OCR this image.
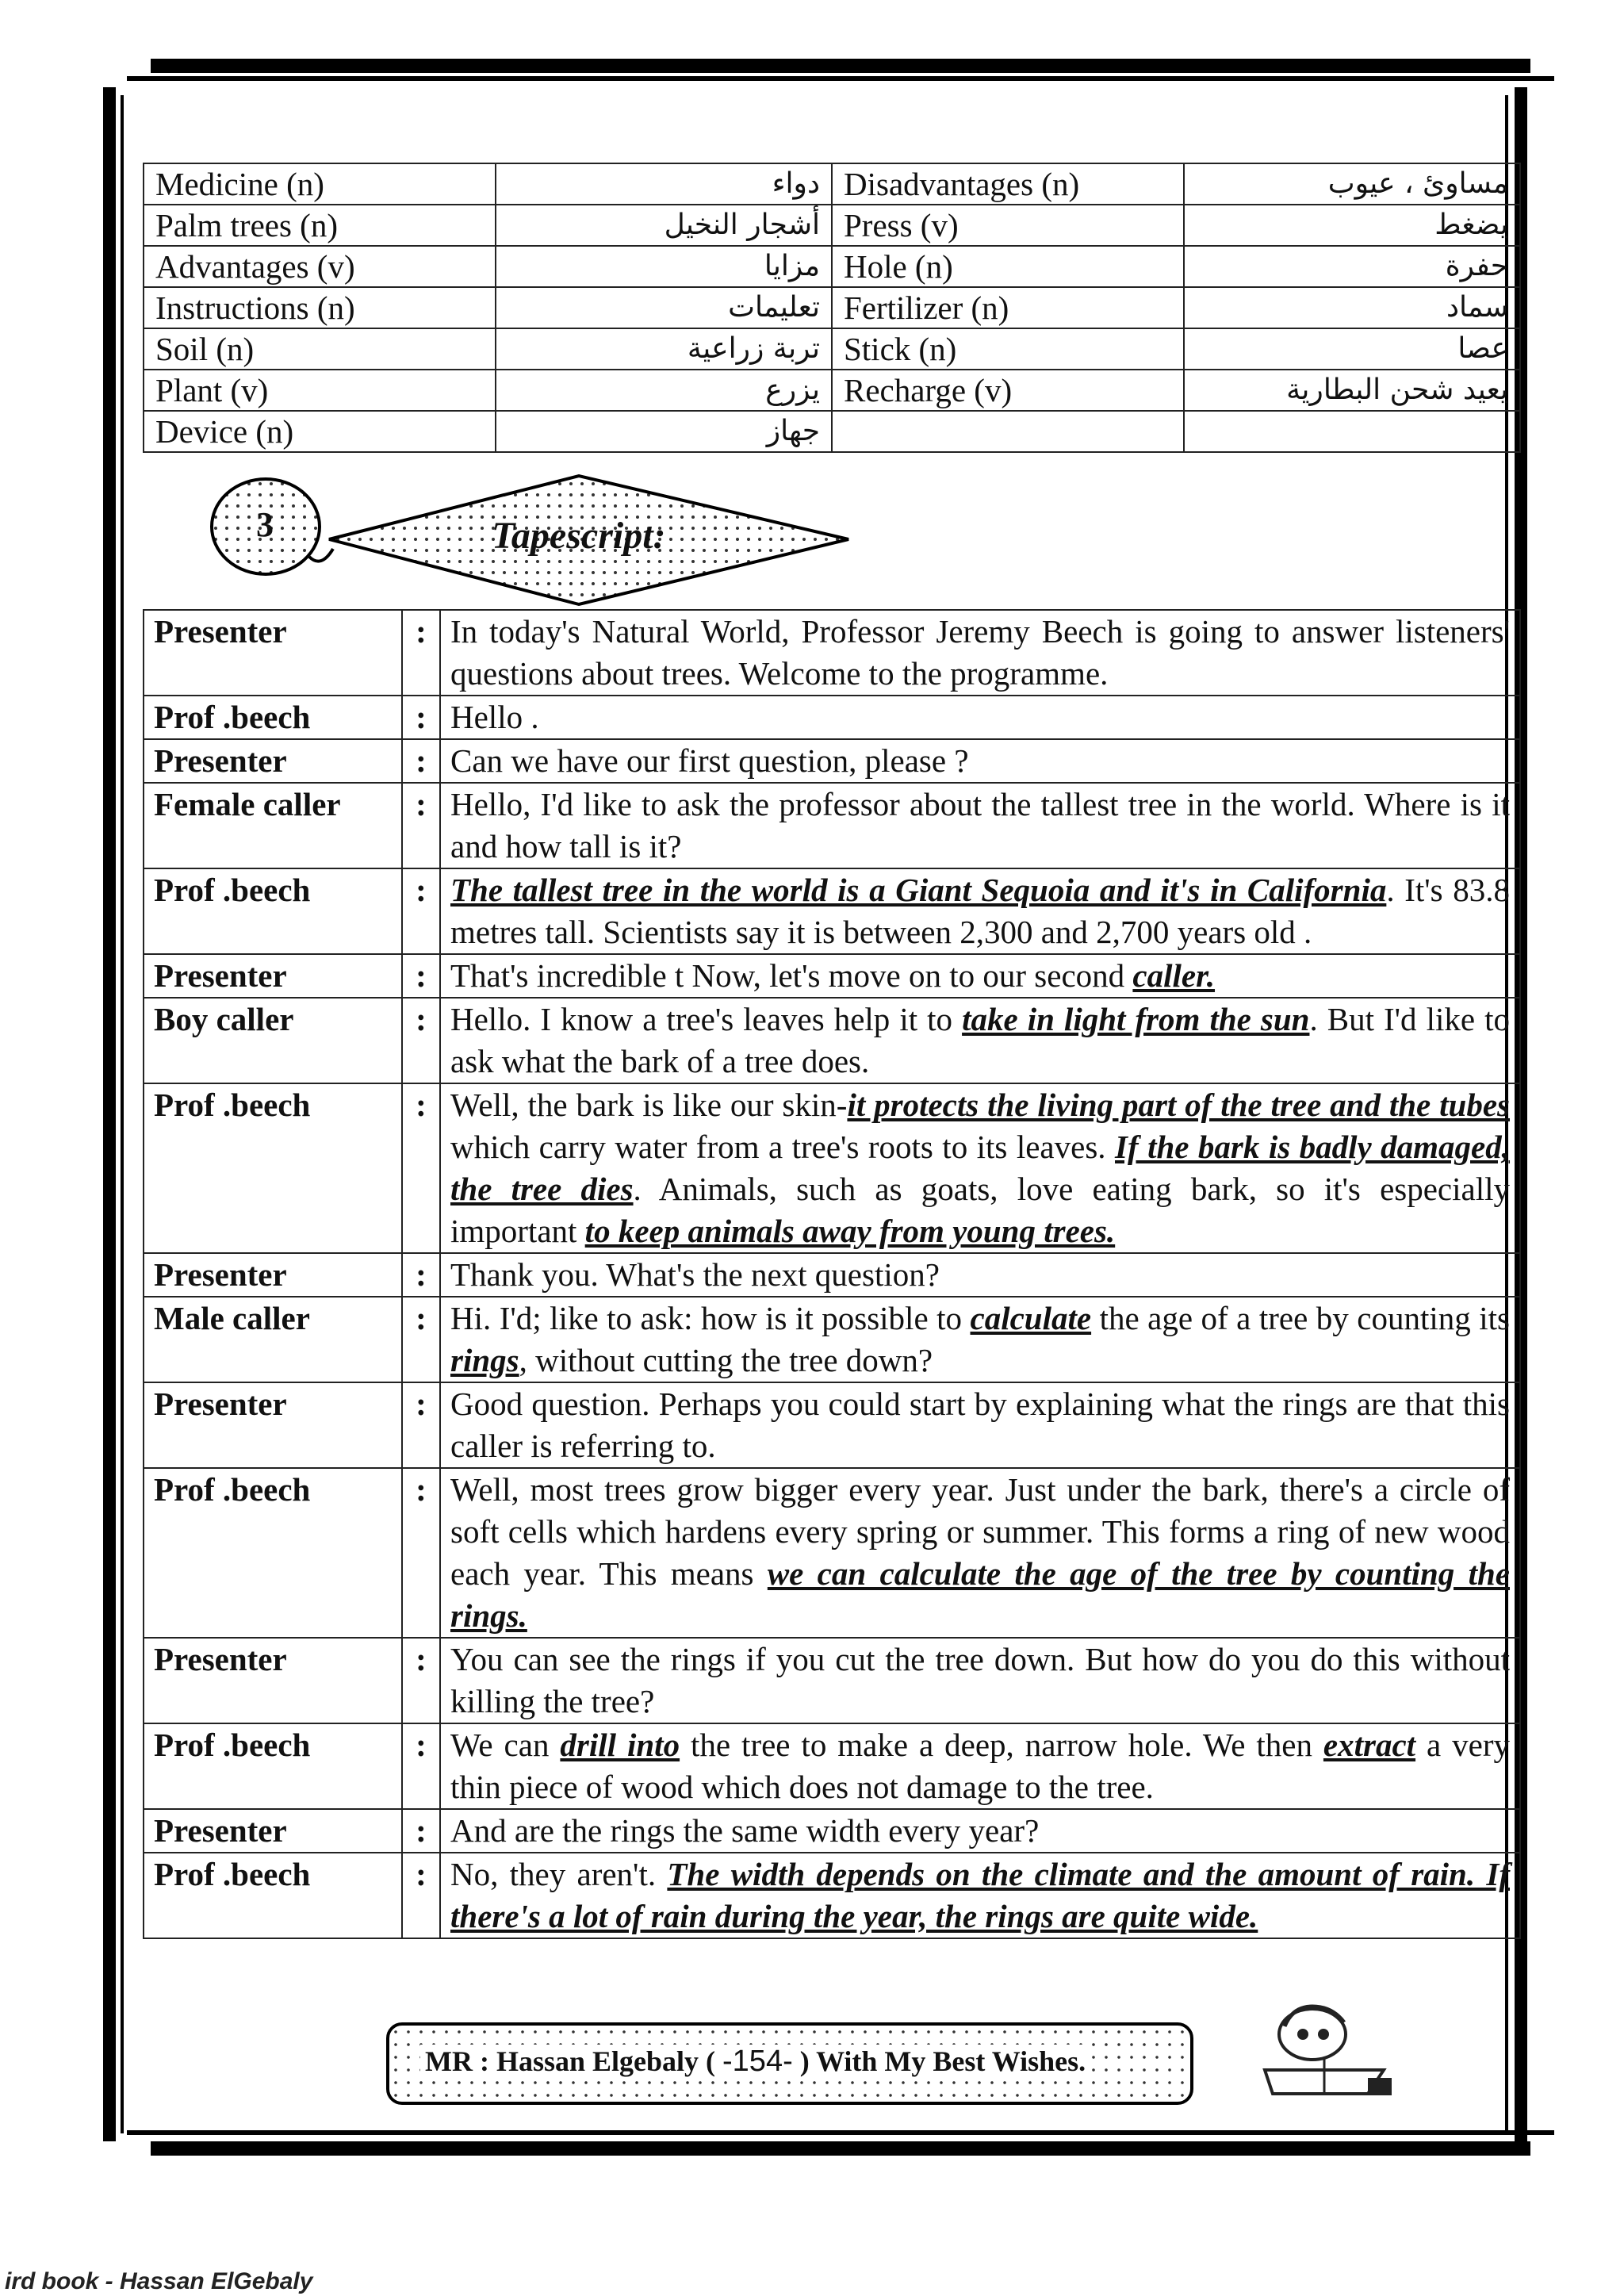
Medicine (n)	دواء	Disadvantages (n)	مساوئ ، عيوب
Palm trees (n)	أشجار النخيل	Press (v)	يضغط
Advantages (v)	مزايا	Hole (n)	حفرة
Instructions (n)	تعليمات	Fertilizer (n)	سماد
Soil (n)	تربة زراعية	Stick (n)	عصا
Plant (v)	يزرع	Recharge (v)	يعيد شحن البطارية
Device (n)	جهاز		
3	Tapescript:
Presenter	:	In today's Natural World, Professor Jeremy Beech is going to answer listeners' questions about trees. Welcome to the programme.
Prof .beech	:	Hello .
Presenter	:	Can we have our first question, please ?
Female caller	:	Hello, I'd like to ask the professor about the tallest tree in the world. Where is it and how tall is it?
Prof .beech	:	The tallest tree in the world is a Giant Sequoia and it's in California. It's 83.8 metres tall. Scientists say it is between 2,300 and 2,700 years old .
Presenter	:	That's incredible t Now, let's move on to our second caller.
Boy caller	:	Hello. I know a tree's leaves help it to take in light from the sun. But I'd like to ask what the bark of a tree does.
Prof .beech	:	Well, the bark is like our skin-it protects the living part of the tree and the tubes which carry water from a tree's roots to its leaves. If the bark is badly damaged, the tree dies. Animals, such as goats, love eating bark, so it's especially important to keep animals away from young trees.
Presenter	:	Thank you. What's the next question?
Male caller	:	Hi. I'd; like to ask: how is it possible to calculate the age of a tree by counting its rings, without cutting the tree down?
Presenter	:	Good question. Perhaps you could start by explaining what the rings are that this caller is referring to.
Prof .beech	:	Well, most trees grow bigger every year. Just under the bark, there's a circle of soft cells which hardens every spring or summer. This forms a ring of new wood each year. This means we can calculate the age of the tree by counting the rings.
Presenter	:	You can see the rings if you cut the tree down. But how do you do this without killing the tree?
Prof .beech	:	We can drill into the tree to make a deep, narrow hole. We then extract a very thin piece of wood which does not damage to the tree.
Presenter	:	And are the rings the same width every year?
Prof .beech	:	No, they aren't. The width depends on the climate and the amount of rain. If there's a lot of rain during the year, the rings are quite wide.
MR : Hassan Elgebaly ( -154- ) With My Best Wishes.
ird book - Hassan ElGebaly
